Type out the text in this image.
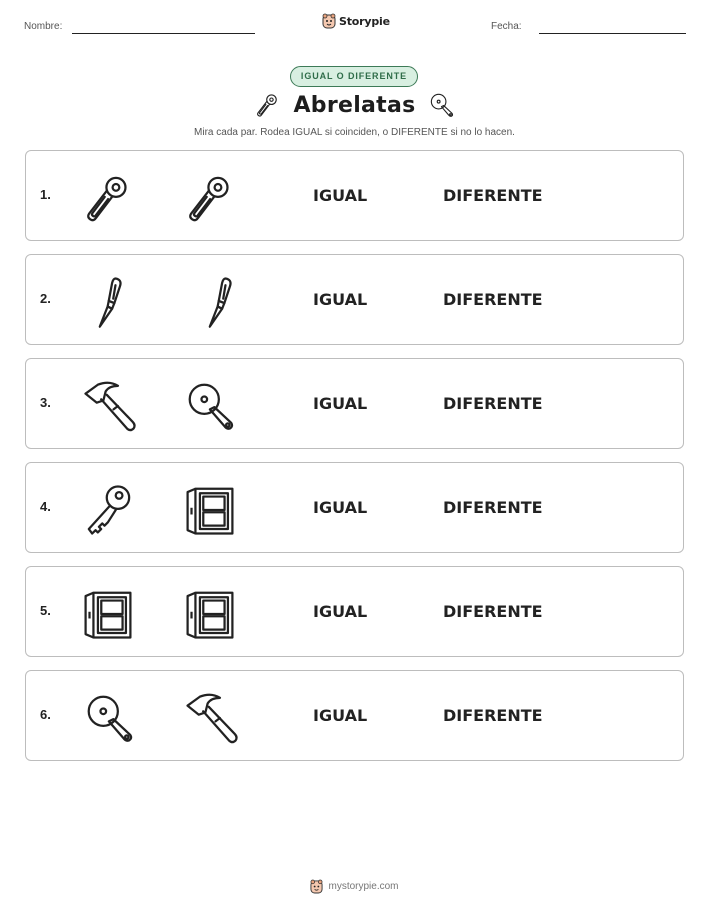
Nombre:	Storypie	Fecha:
IGUAL O DIFERENTE
Abrelatas
Mira cada par. Rodea IGUAL si coinciden, o DIFERENTE si no lo hacen.
1.	IGUAL	DIFERENTE
2.	IGUAL	DIFERENTE
3.	IGUAL	DIFERENTE
4.	IGUAL	DIFERENTE
5.	IGUAL	DIFERENTE
6.	IGUAL	DIFERENTE
mystorypie.com
